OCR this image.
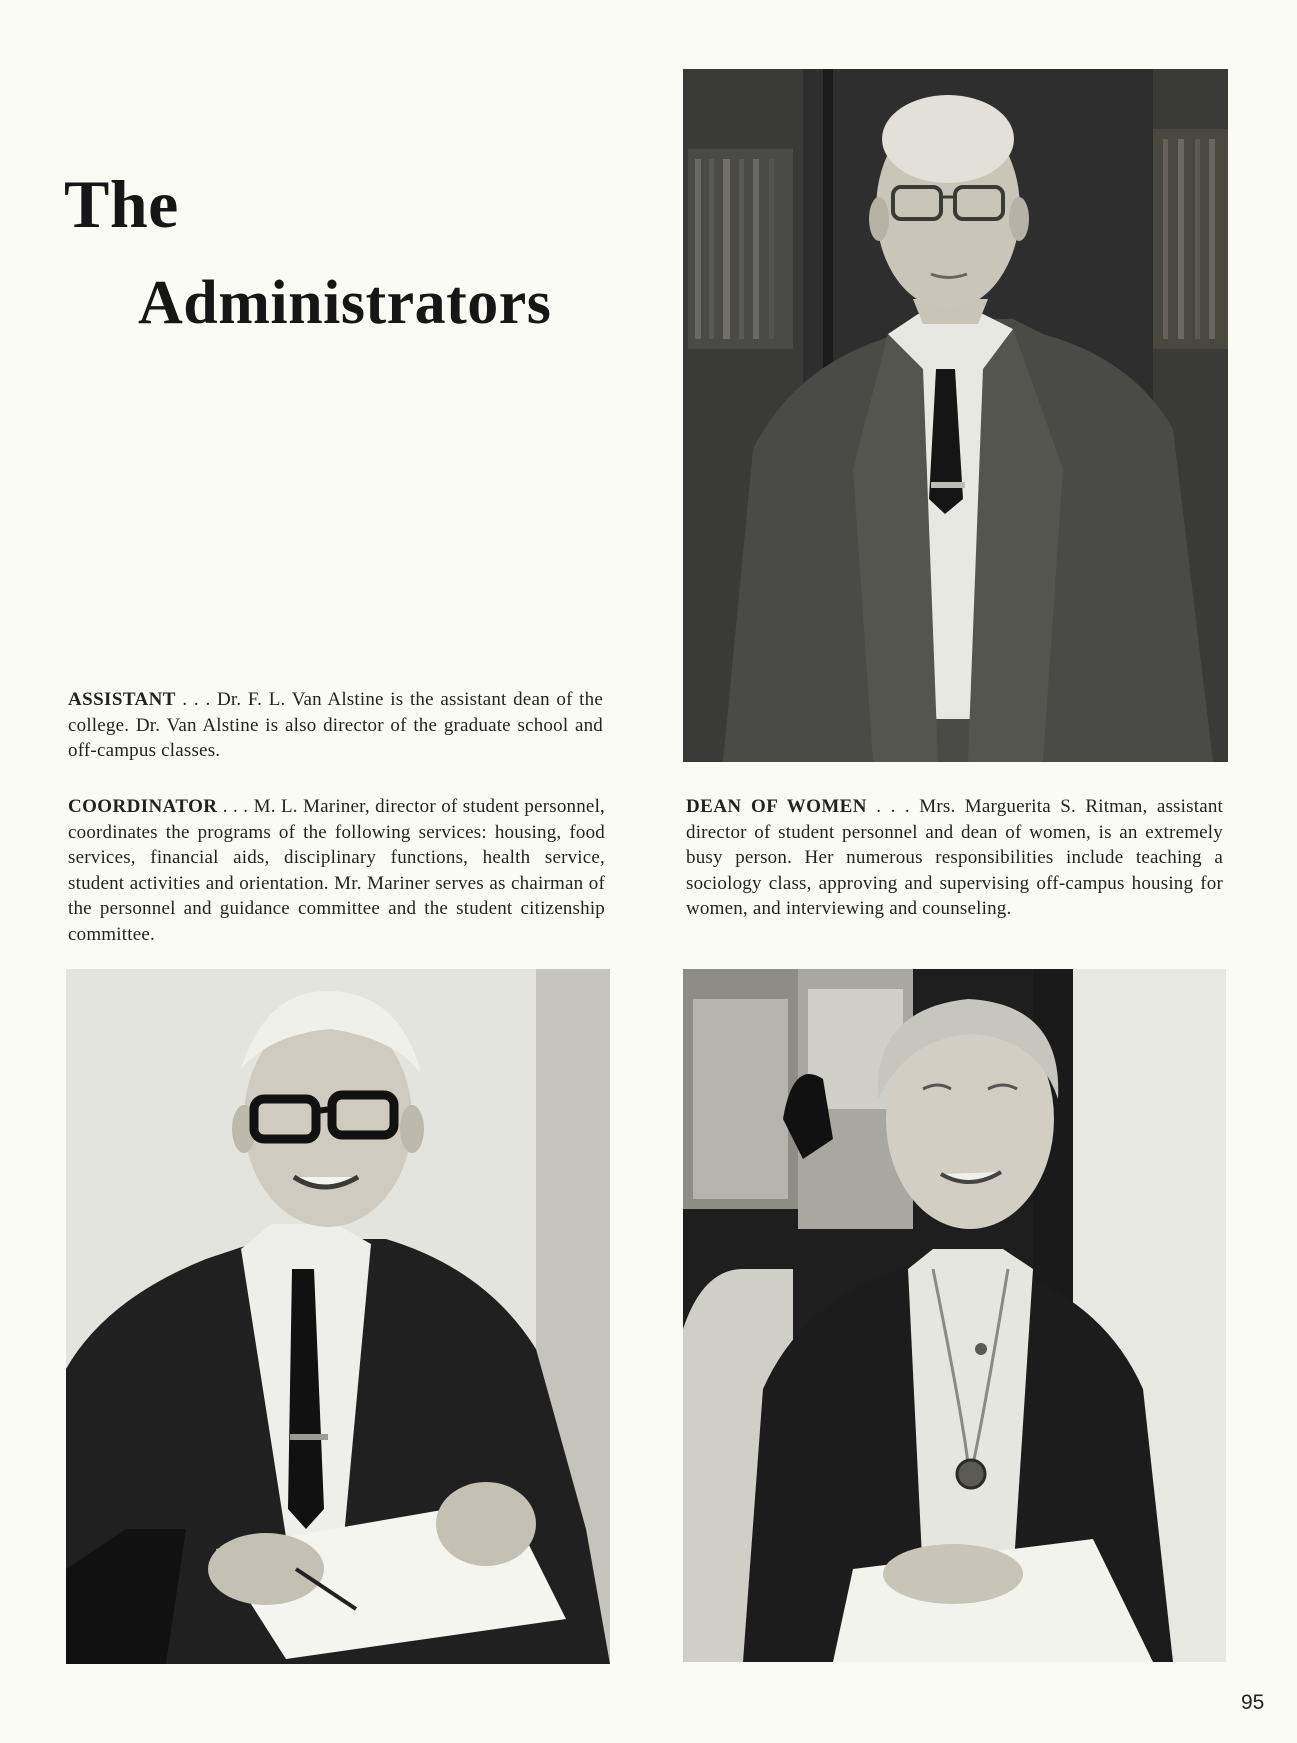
The
Administrators
ASSISTANT . . . Dr. F. L. Van Alstine is the assistant dean of the college. Dr. Van Alstine is also director of the graduate school and off-campus classes.
COORDINATOR . . . M. L. Mariner, director of student personnel, coordinates the programs of the following services: housing, food services, financial aids, disciplinary functions, health service, student activities and orientation. Mr. Mariner serves as chairman of the personnel and guidance committee and the student citizenship committee.
DEAN OF WOMEN . . . Mrs. Marguerita S. Ritman, assistant director of student personnel and dean of women, is an extremely busy person. Her numerous responsibilities include teaching a sociology class, approving and supervising off-campus housing for women, and interviewing and counseling.
95
